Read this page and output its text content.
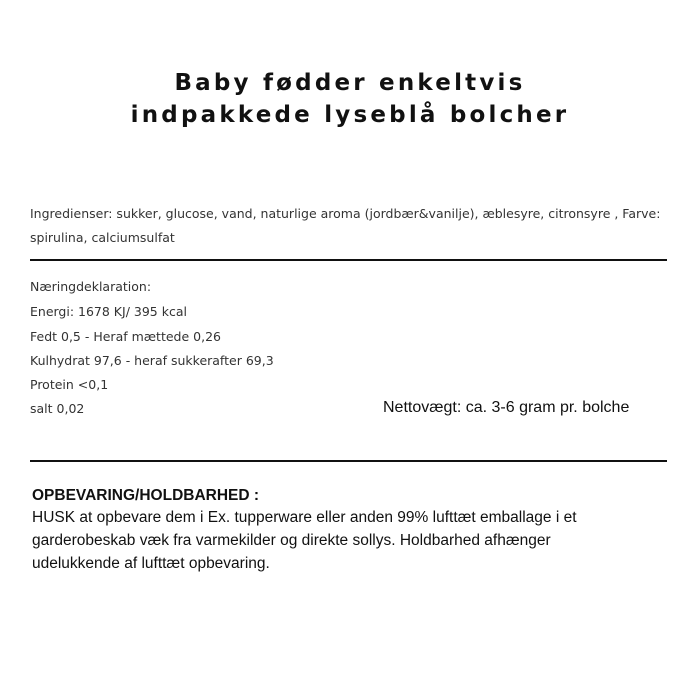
Baby fødder enkeltvis
indpakkede lyseblå bolcher
Ingredienser: sukker, glucose, vand, naturlige aroma (jordbær&vanilje), æblesyre, citronsyre , Farve:
spirulina, calciumsulfat
Næringdeklaration:
Energi: 1678 KJ/ 395 kcal
Fedt 0,5 - Heraf mættede 0,26
Kulhydrat 97,6 - heraf sukkerafter 69,3
Protein <0,1
salt 0,02	Nettovægt: ca. 3-6 gram pr. bolche
OPBEVARING/HOLDBARHED :
HUSK at opbevare dem i Ex. tupperware eller anden 99% lufttæt emballage i et
garderobeskab væk fra varmekilder og direkte sollys. Holdbarhed afhænger
udelukkende af lufttæt opbevaring.
